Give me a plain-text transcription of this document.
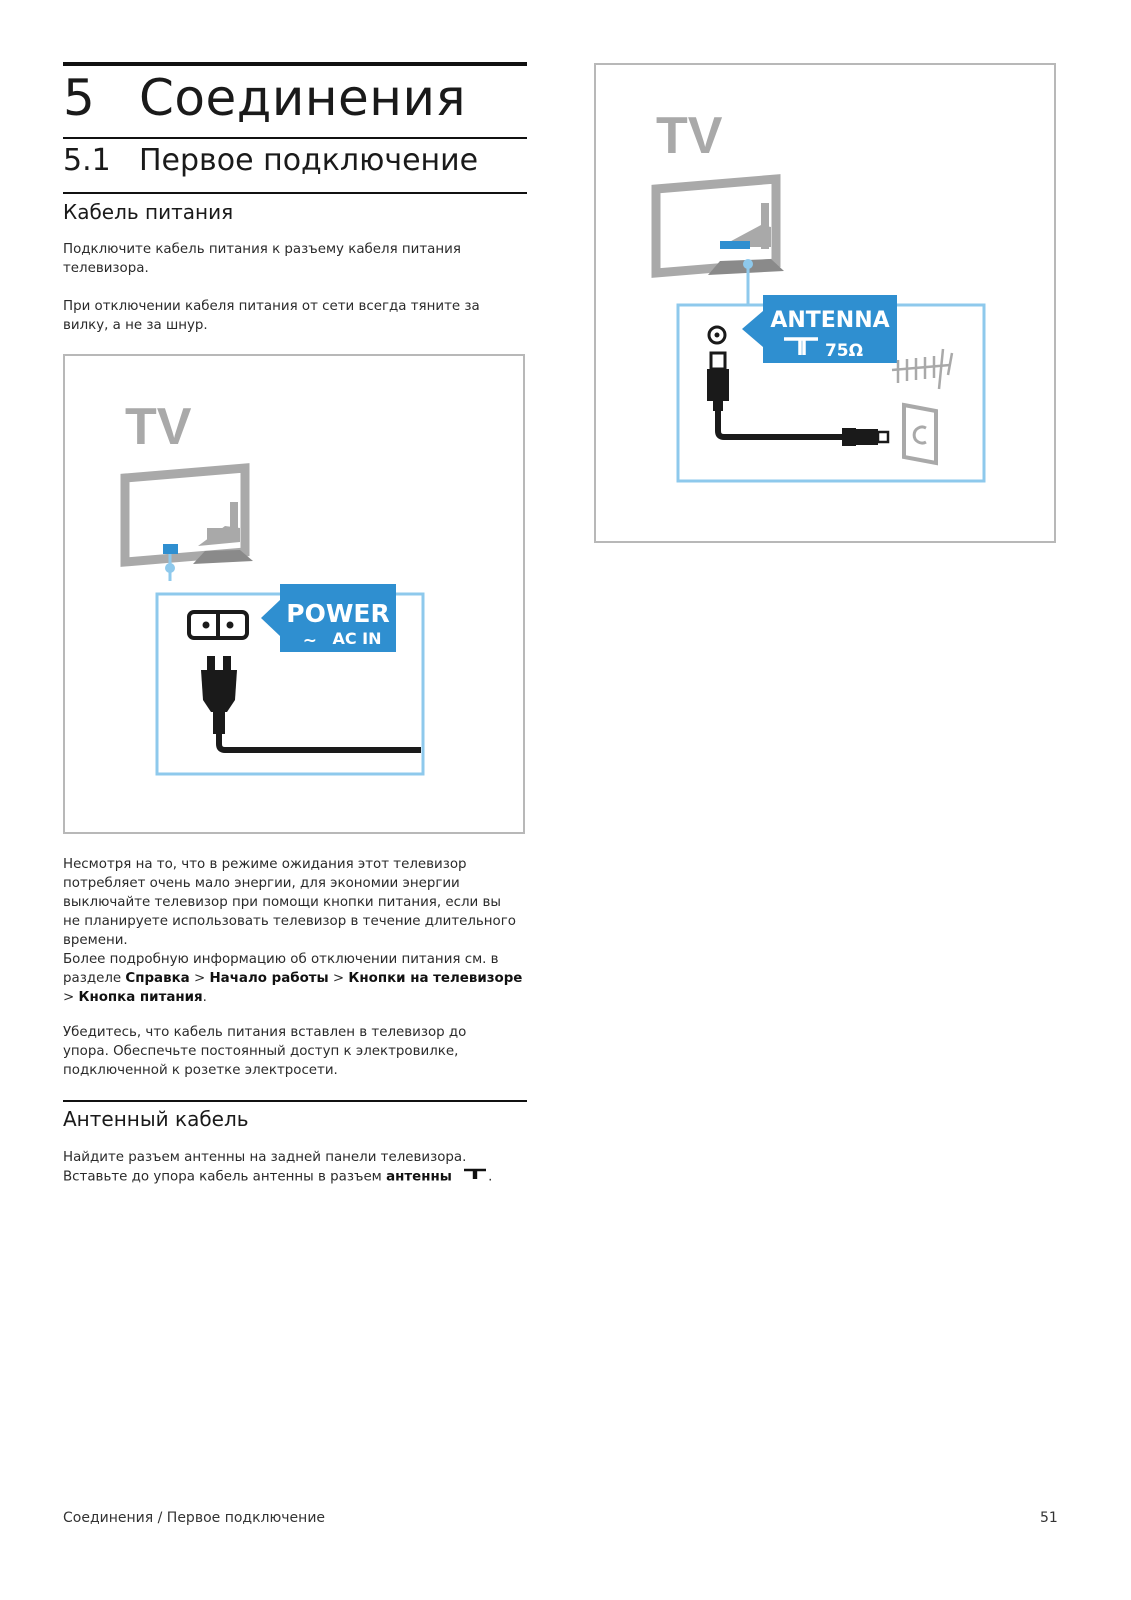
5 Соединения
5.1 Первое подключение
Кабель питания

Подключите кабель питания к разъему кабеля питания
телевизора.

При отключении кабеля питания от сети всегда тяните за
вилку, а не за шнур.

TV
POWER
~ AC IN

Несмотря на то, что в режиме ожидания этот телевизор
потребляет очень мало энергии, для экономии энергии
выключайте телевизор при помощи кнопки питания, если вы
не планируете использовать телевизор в течение длительного
времени.
Более подробную информацию об отключении питания см. в
разделе Справка > Начало работы > Кнопки на телевизоре
> Кнопка питания.

Убедитесь, что кабель питания вставлен в телевизор до
упора. Обеспечьте постоянный доступ к электровилке,
подключенной к розетке электросети.

Антенный кабель

Найдите разъем антенны на задней панели телевизора.
Вставьте до упора кабель антенны в разъем антенны	.

TV
ANTENNA
75Ω
Соединения / Первое подключение	51
